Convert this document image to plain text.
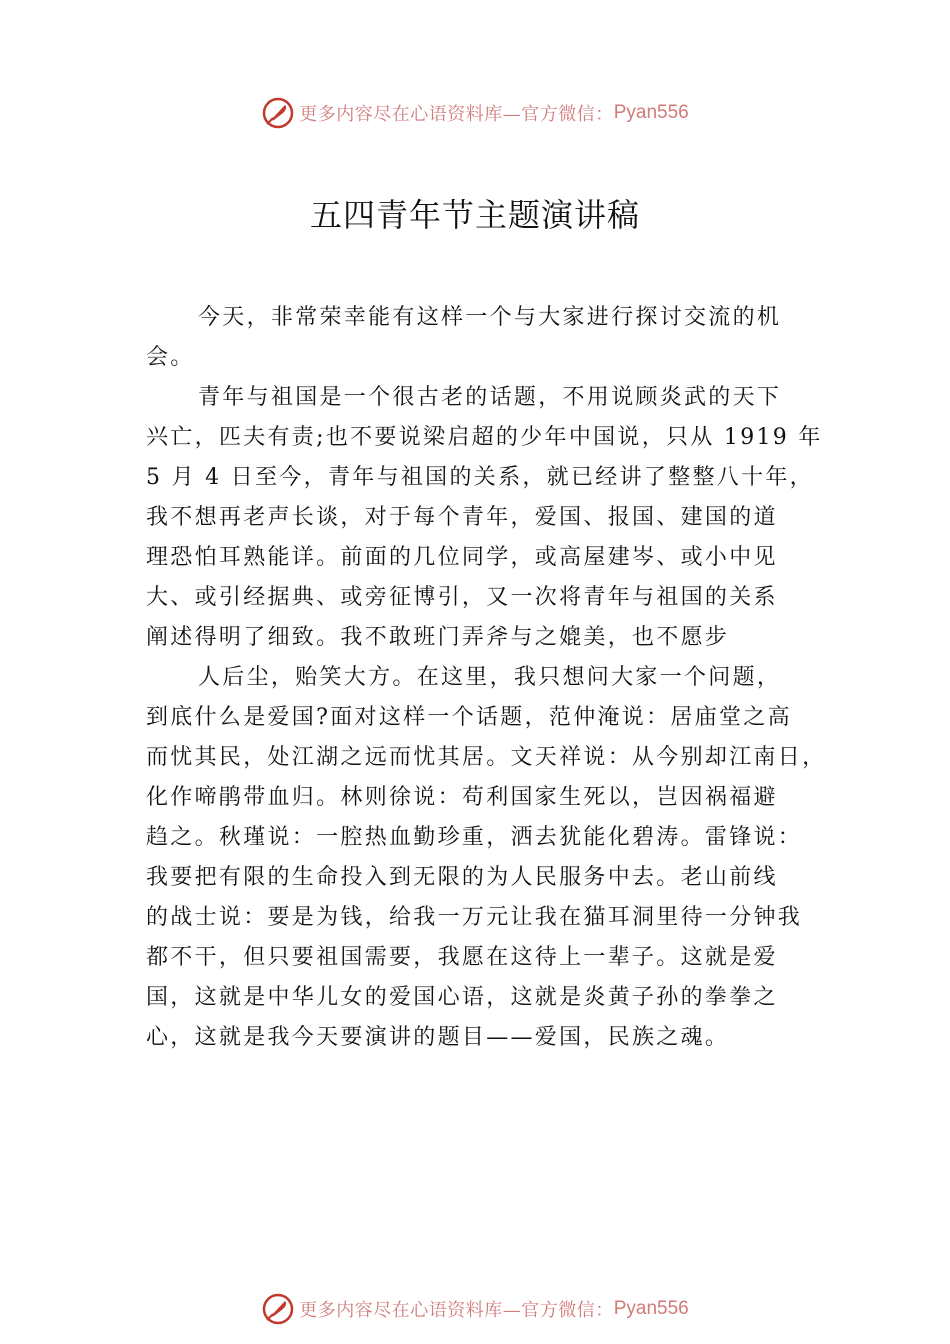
更多内容尽在心语资料库—官方微信： Pyan556
五四青年节主题演讲稿
今天，非常荣幸能有这样一个与大家进行探讨交流的机
会。
青年与祖国是一个很古老的话题，不用说顾炎武的天下
兴亡，匹夫有责;也不要说梁启超的少年中国说，只从 1919 年
5 月 4 日至今，青年与祖国的关系，就已经讲了整整八十年，
我不想再老声长谈，对于每个青年，爱国、报国、建国的道
理恐怕耳熟能详。前面的几位同学，或高屋建岑、或小中见
大、或引经据典、或旁征博引，又一次将青年与祖国的关系
阐述得明了细致。我不敢班门弄斧与之媲美，也不愿步
人后尘，贻笑大方。在这里，我只想问大家一个问题，
到底什么是爱国?面对这样一个话题，范仲淹说：居庙堂之高
而忧其民，处江湖之远而忧其居。文天祥说：从今别却江南日，
化作啼鹃带血归。林则徐说：苟利国家生死以，岂因祸福避
趋之。秋瑾说：一腔热血勤珍重，洒去犹能化碧涛。雷锋说：
我要把有限的生命投入到无限的为人民服务中去。老山前线
的战士说：要是为钱，给我一万元让我在猫耳洞里待一分钟我
都不干，但只要祖国需要，我愿在这待上一辈子。这就是爱
国，这就是中华儿女的爱国心语，这就是炎黄子孙的拳拳之
心，这就是我今天要演讲的题目——爱国，民族之魂。
更多内容尽在心语资料库—官方微信： Pyan556
